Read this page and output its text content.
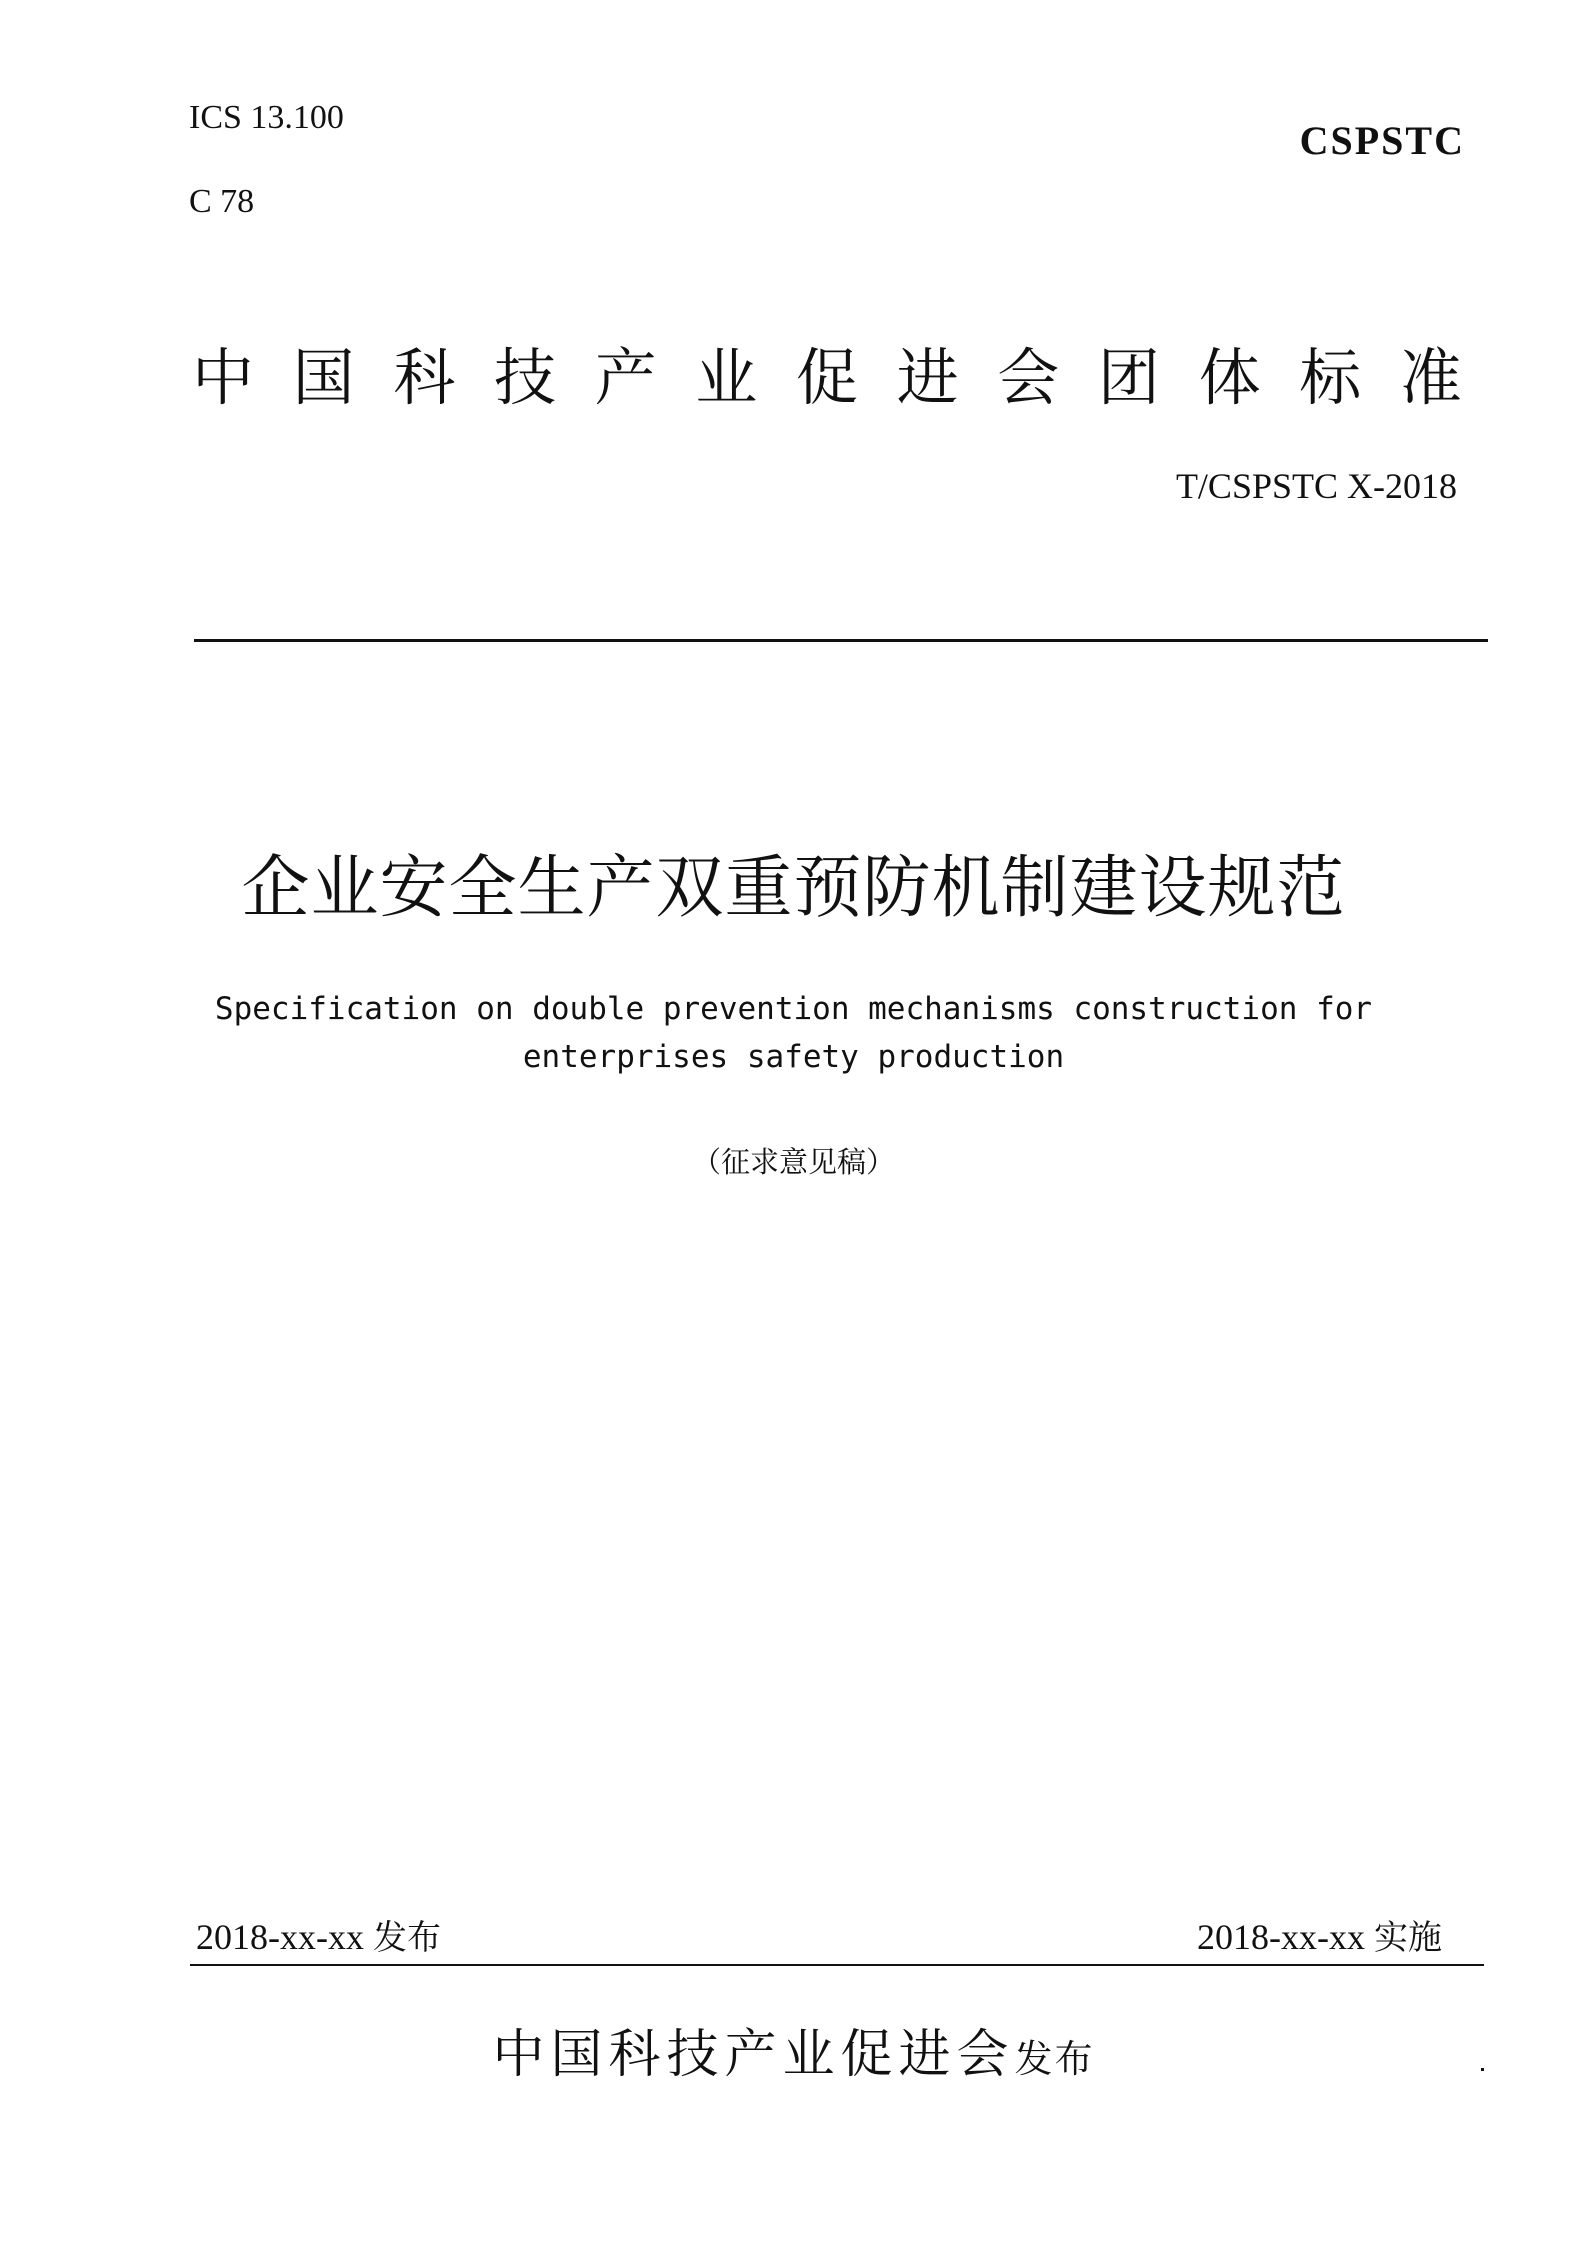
ICS 13.100
C 78
CSPSTC
中 国 科 技 产 业 促 进 会 团 体 标 准
T/CSPSTC X-2018
企业安全生产双重预防机制建设规范
Specification on double prevention mechanisms construction for
enterprises safety production
（征求意见稿）
2018-xx-xx 发布	2018-xx-xx 实施
中国科技产业促进会发布
